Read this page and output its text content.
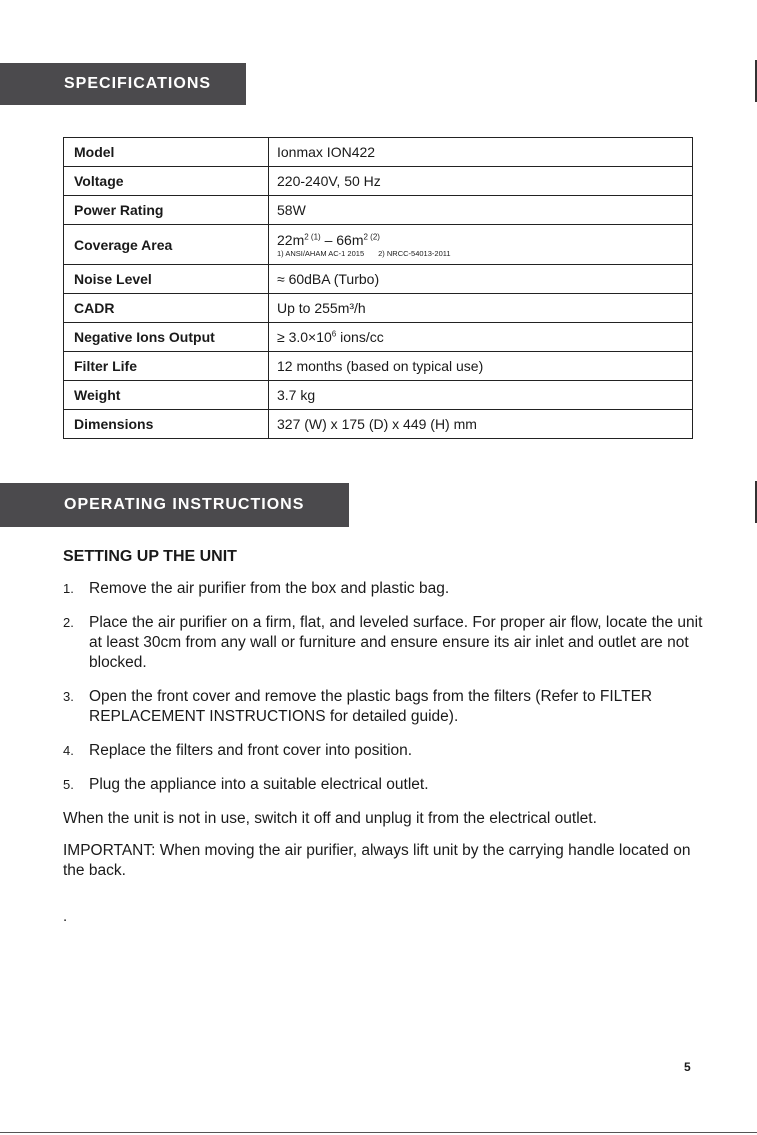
SPECIFICATIONS
Model	Ionmax ION422
Voltage	220-240V, 50 Hz
Power Rating	58W
Coverage Area	$22m^{2 (1)} - 66m^{2 (2)}$
1) ANSI/AHAM AC-1 2015 2) NRCC-54013-2011

Noise Level	≈ 60dBA (Turbo)
CADR	Up to 255m³/h
Negative Ions Output	≥ $3.0\times 10^6$ ions/cc
Filter Life	12 months (based on typical use)
Weight	3.7 kg
Dimensions	327 (W) x 175 (D) x 449 (H) mm
OPERATING INSTRUCTIONS
SETTING UP THE UNIT
1. Remove the air purifier from the box and plastic bag.
2. Place the air purifier on a firm, flat, and leveled surface. For proper air flow, locate the unit at least 30cm from any wall or furniture and ensure ensure its air inlet and outlet are not blocked.
3. Open the front cover and remove the plastic bags from the filters (Refer to FILTER REPLACEMENT INSTRUCTIONS for detailed guide).
4. Replace the filters and front cover into position.
5. Plug the appliance into a suitable electrical outlet.

When the unit is not in use, switch it off and unplug it from the electrical outlet.

IMPORTANT: When moving the air purifier, always lift unit by the carrying handle located on the back.

.
5
